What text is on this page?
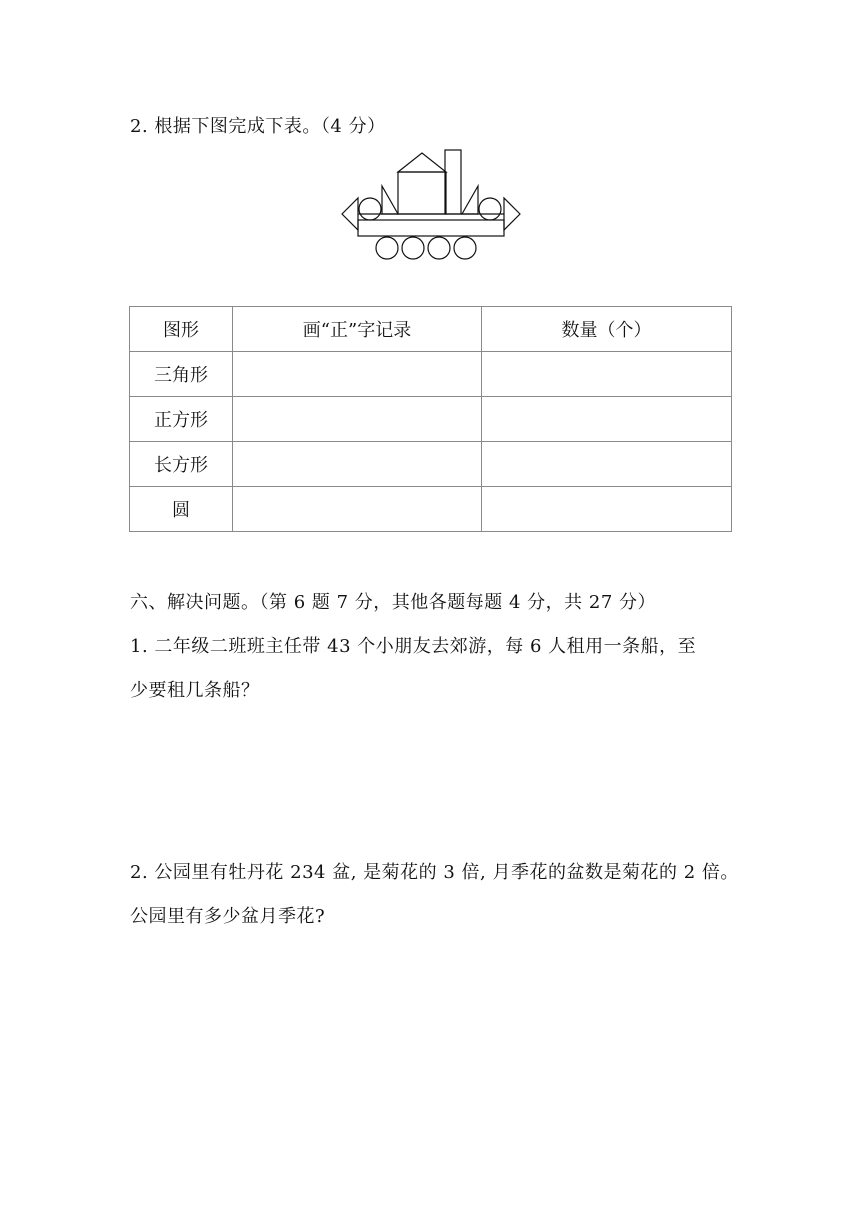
2. 根据下图完成下表。（4 分）
图形	画“正”字记录	数量（个）
三角形		
正方形		
长方形		
圆		
六、解决问题。（第 6 题 7 分，其他各题每题 4 分，共 27 分）
1. 二年级二班班主任带 43 个小朋友去郊游，每 6 人租用一条船，至
少要租几条船？
2. 公园里有牡丹花 234 盆, 是菊花的 3 倍, 月季花的盆数是菊花的 2 倍。
公园里有多少盆月季花?
